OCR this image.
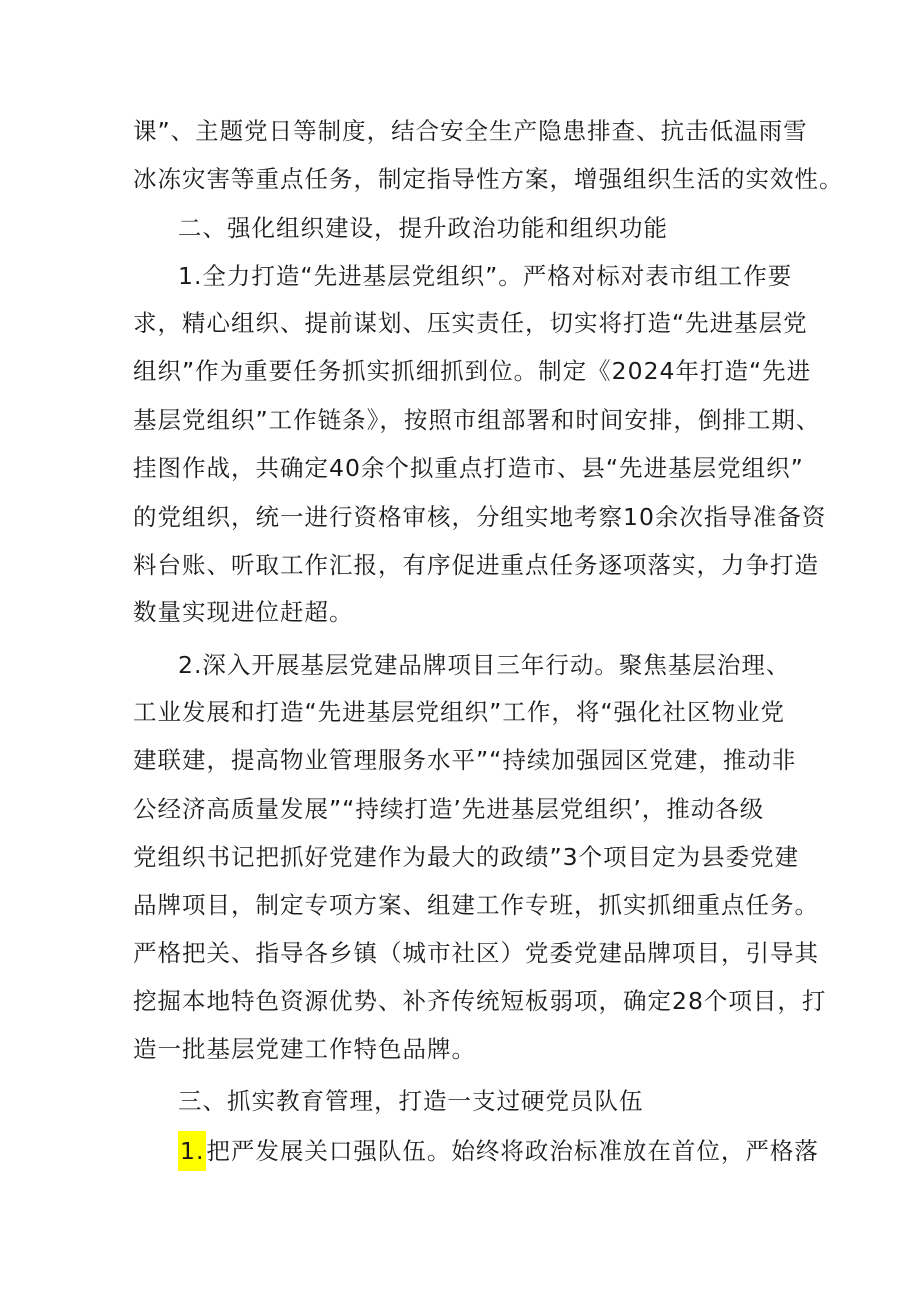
课”、主题党日等制度，结合安全生产隐患排查、抗击低温雨雪
冰冻灾害等重点任务，制定指导性方案，增强组织生活的实效性。
二、强化组织建设，提升政治功能和组织功能
1.全力打造“先进基层党组织”。严格对标对表市组工作要
求，精心组织、提前谋划、压实责任，切实将打造“先进基层党
组织”作为重要任务抓实抓细抓到位。制定《2024年打造“先进
基层党组织”工作链条》，按照市组部署和时间安排，倒排工期、
挂图作战，共确定40余个拟重点打造市、县“先进基层党组织”
的党组织，统一进行资格审核，分组实地考察10余次指导准备资
料台账、听取工作汇报，有序促进重点任务逐项落实，力争打造
数量实现进位赶超。
2.深入开展基层党建品牌项目三年行动。聚焦基层治理、
工业发展和打造“先进基层党组织”工作，将“强化社区物业党
建联建，提高物业管理服务水平”“持续加强园区党建，推动非
公经济高质量发展”“持续打造’先进基层党组织’，推动各级
党组织书记把抓好党建作为最大的政绩”3个项目定为县委党建
品牌项目，制定专项方案、组建工作专班，抓实抓细重点任务。
严格把关、指导各乡镇（城市社区）党委党建品牌项目，引导其
挖掘本地特色资源优势、补齐传统短板弱项，确定28个项目，打
造一批基层党建工作特色品牌。
三、抓实教育管理，打造一支过硬党员队伍
1.把严发展关口强队伍。始终将政治标准放在首位，严格落
